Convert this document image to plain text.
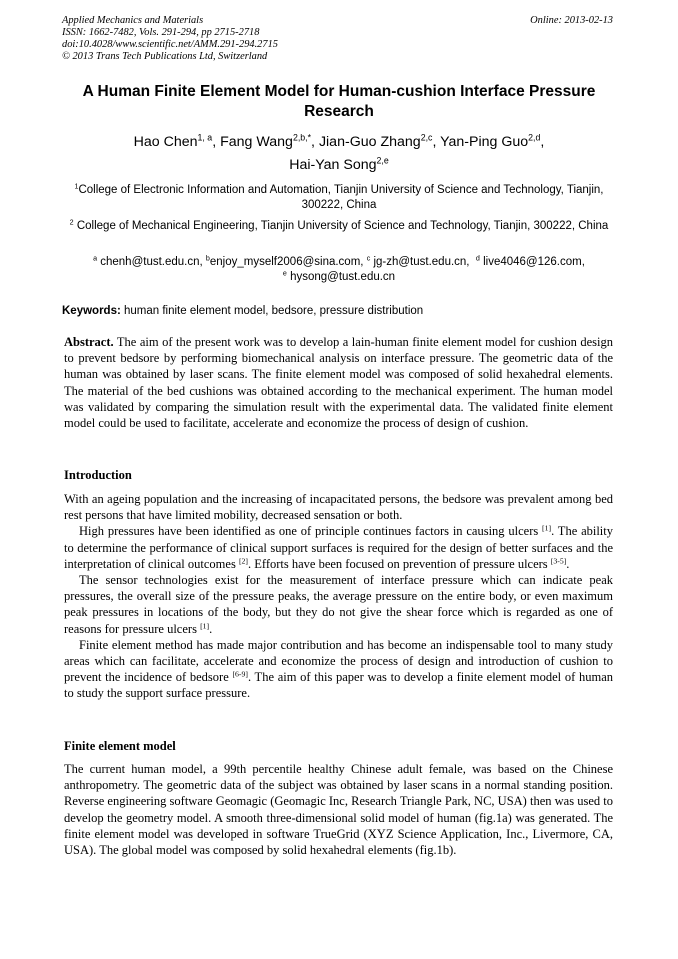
Applied Mechanics and Materials
ISSN: 1662-7482, Vols. 291-294, pp 2715-2718
doi:10.4028/www.scientific.net/AMM.291-294.2715
© 2013 Trans Tech Publications Ltd, Switzerland
Online: 2013-02-13
A Human Finite Element Model for Human-cushion Interface Pressure Research
Hao Chen$^{1, a}$, Fang Wang$^{2,b,*}$, Jian-Guo Zhang$^{2,c}$, Yan-Ping Guo$^{2,d}$,
Hai-Yan Song$^{2,e}$
$^1$College of Electronic Information and Automation, Tianjin University of Science and Technology, Tianjin, 300222, China
$^2$ College of Mechanical Engineering, Tianjin University of Science and Technology, Tianjin, 300222, China
$^a$ chenh@tust.edu.cn, $^b$enjoy_myself2006@sina.com, $^c$ jg-zh@tust.edu.cn, $^d$ live4046@126.com,
$^e$ hysong@tust.edu.cn
Keywords: human finite element model, bedsore, pressure distribution

Abstract. The aim of the present work was to develop a lain-human finite element model for cushion design to prevent bedsore by performing biomechanical analysis on interface pressure. The geometric data of the human was obtained by laser scans. The finite element model was composed of solid hexahedral elements. The material of the bed cushions was obtained according to the mechanical experiment. The human model was validated by comparing the simulation result with the experimental data. The validated finite element model could be used to facilitate, accelerate and economize the process of design of cushion.

Introduction

With an ageing population and the increasing of incapacitated persons, the bedsore was prevalent among bed rest persons that have limited mobility, decreased sensation or both.

High pressures have been identified as one of principle continues factors in causing ulcers [1]. The ability to determine the performance of clinical support surfaces is required for the design of better surfaces and the interpretation of clinical outcomes [2]. Efforts have been focused on prevention of pressure ulcers [3-5].

The sensor technologies exist for the measurement of interface pressure which can indicate peak pressures, the overall size of the pressure peaks, the average pressure on the entire body, or even maximum peak pressures in locations of the body, but they do not give the shear force which is regarded as one of reasons for pressure ulcers [1].

Finite element method has made major contribution and has become an indispensable tool to many study areas which can facilitate, accelerate and economize the process of design and introduction of cushion to prevent the incidence of bedsore [6-9]. The aim of this paper was to develop a finite element model of human to study the support surface pressure.

Finite element model

The current human model, a 99th percentile healthy Chinese adult female, was based on the Chinese anthropometry. The geometric data of the subject was obtained by laser scans in a normal standing position. Reverse engineering software Geomagic (Geomagic Inc, Research Triangle Park, NC, USA) then was used to develop the geometry model. A smooth three-dimensional solid model of human (fig.1a) was generated. The finite element model was developed in software TrueGrid (XYZ Science Application, Inc., Livermore, CA, USA). The global model was composed by solid hexahedral elements (fig.1b).
